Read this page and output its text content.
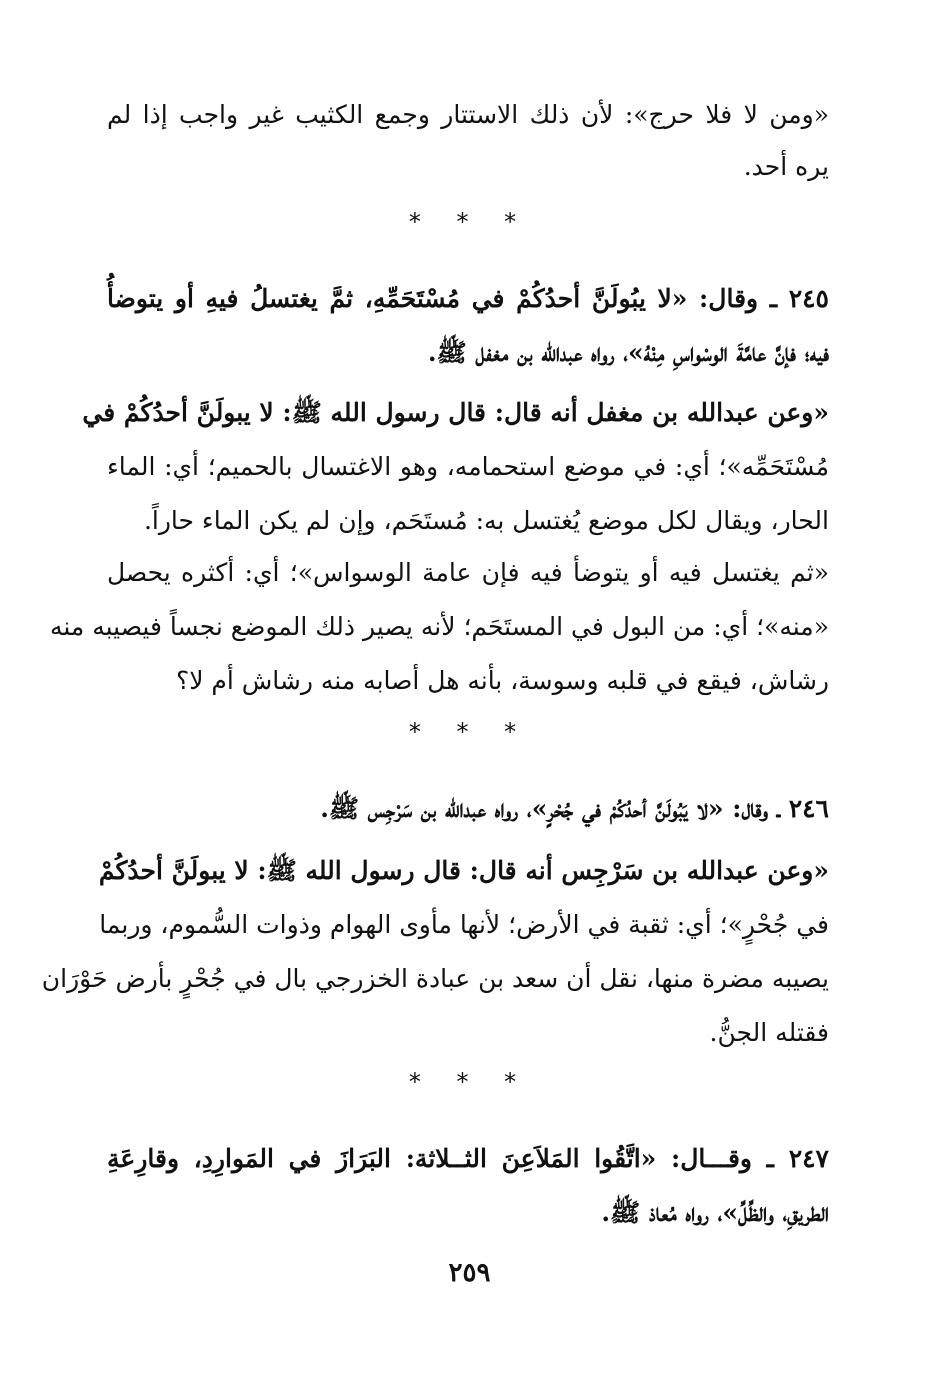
«ومن لا فلا حرج»: لأن ذلك الاستتار وجمع الكثيب غير واجب إذا لم
يره أحد.
* * *
٢٤٥ ـ وقال: «لا يبُولَنَّ أحدُكُمْ في مُسْتَحَمِّهِ، ثمَّ يغتسلُ فيهِ أو يتوضأُ
فيه؛ فإنَّ عامَّةَ الوسْواسِ مِنْهُ»، رواه عبدالله بن مغفل ﷺ.
«وعن عبدالله بن مغفل أنه قال: قال رسول الله ﷺ: لا يبولَنَّ أحدُكُمْ في
مُسْتَحَمِّه»؛ أي: في موضع استحمامه، وهو الاغتسال بالحميم؛ أي: الماء
الحار، ويقال لكل موضع يُغتسل به: مُستَحَم، وإن لم يكن الماء حاراً.
«ثم يغتسل فيه أو يتوضأ فيه فإن عامة الوسواس»؛ أي: أكثره يحصل
«منه»؛ أي: من البول في المستَحَم؛ لأنه يصير ذلك الموضع نجساً فيصيبه منه
رشاش، فيقع في قلبه وسوسة، بأنه هل أصابه منه رشاش أم لا؟
* * *
٢٤٦ ـ وقال: «لا يَبُولَنَّ أحدُكُمْ في جُحْرٍ»، رواه عبدالله بن سَرْجِس ﷺ.
«وعن عبدالله بن سَرْجِس أنه قال: قال رسول الله ﷺ: لا يبولَنَّ أحدُكُمْ
في جُحْرٍ»؛ أي: ثقبة في الأرض؛ لأنها مأوى الهوام وذوات السُّموم، وربما
يصيبه مضرة منها، نقل أن سعد بن عبادة الخزرجي بال في جُحْرٍ بأرض حَوْرَان
فقتله الجنُّ.
* * *
٢٤٧ ـ وقـــال: «اتَّقُوا المَلاَعِنَ الثــلاثة: البَرَازَ في المَوارِدِ، وقارِعَةِ
الطريقِ، والظِّلِّ»، رواه مُعاذ ﷺ.
٢٥٩
